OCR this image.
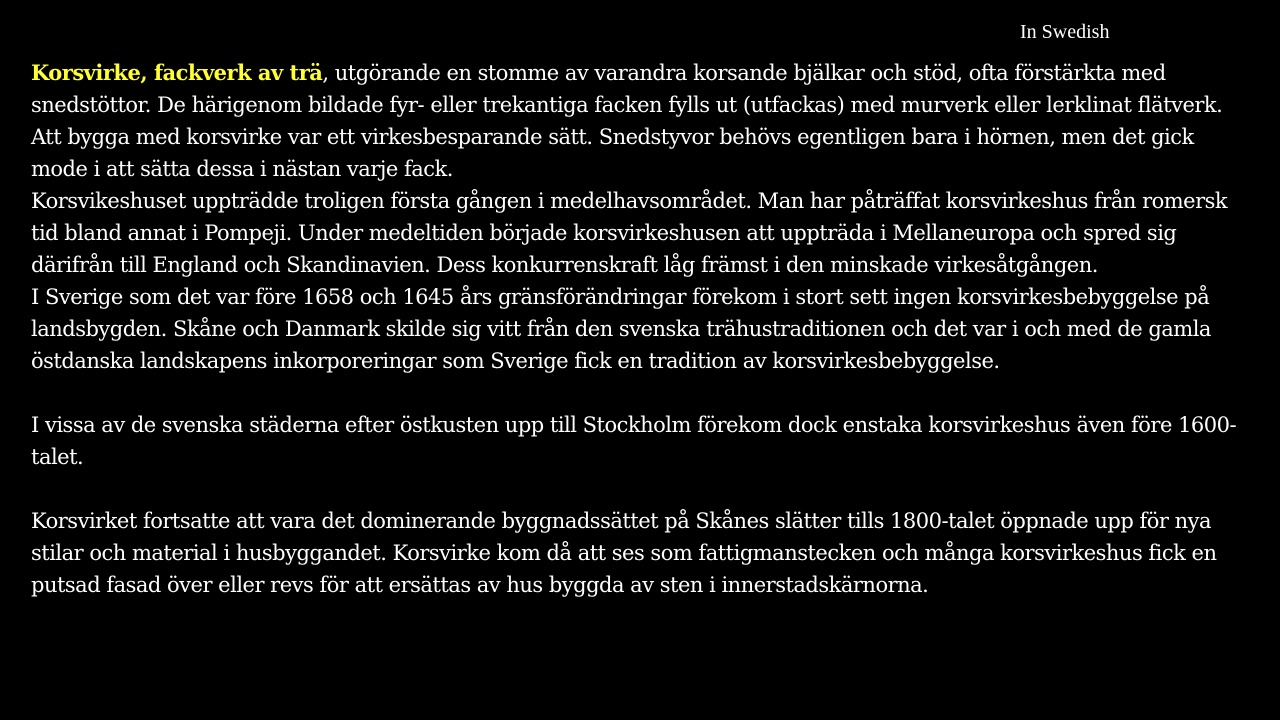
In Swedish

Korsvirke, fackverk av trä, utgörande en stomme av varandra korsande bjälkar och stöd, ofta förstärkta med snedstöttor. De härigenom bildade fyr- eller trekantiga facken fylls ut (utfackas) med murverk eller lerklinat flätverk. Att bygga med korsvirke var ett virkesbesparande sätt. Snedstyvor behövs egentligen bara i hörnen, men det gick mode i att sätta dessa i nästan varje fack.

Korsvikeshuset uppträdde troligen första gången i medelhavsområdet. Man har påträffat korsvirkeshus från romersk tid bland annat i Pompeji. Under medeltiden började korsvirkeshusen att uppträda i Mellaneuropa och spred sig därifrån till England och Skandinavien. Dess konkurrenskraft låg främst i den minskade virkesåtgången.

I Sverige som det var före 1658 och 1645 års gränsförändringar förekom i stort sett ingen korsvirkesbebyggelse på landsbygden. Skåne och Danmark skilde sig vitt från den svenska trähustraditionen och det var i och med de gamla östdanska landskapens inkorporeringar som Sverige fick en tradition av korsvirkesbebyggelse.

I vissa av de svenska städerna efter östkusten upp till Stockholm förekom dock enstaka korsvirkeshus även före 1600-talet.

Korsvirket fortsatte att vara det dominerande byggnadssättet på Skånes slätter tills 1800-talet öppnade upp för nya stilar och material i husbyggandet. Korsvirke kom då att ses som fattigmanstecken och många korsvirkeshus fick en putsad fasad över eller revs för att ersättas av hus byggda av sten i innerstadskärnorna.
